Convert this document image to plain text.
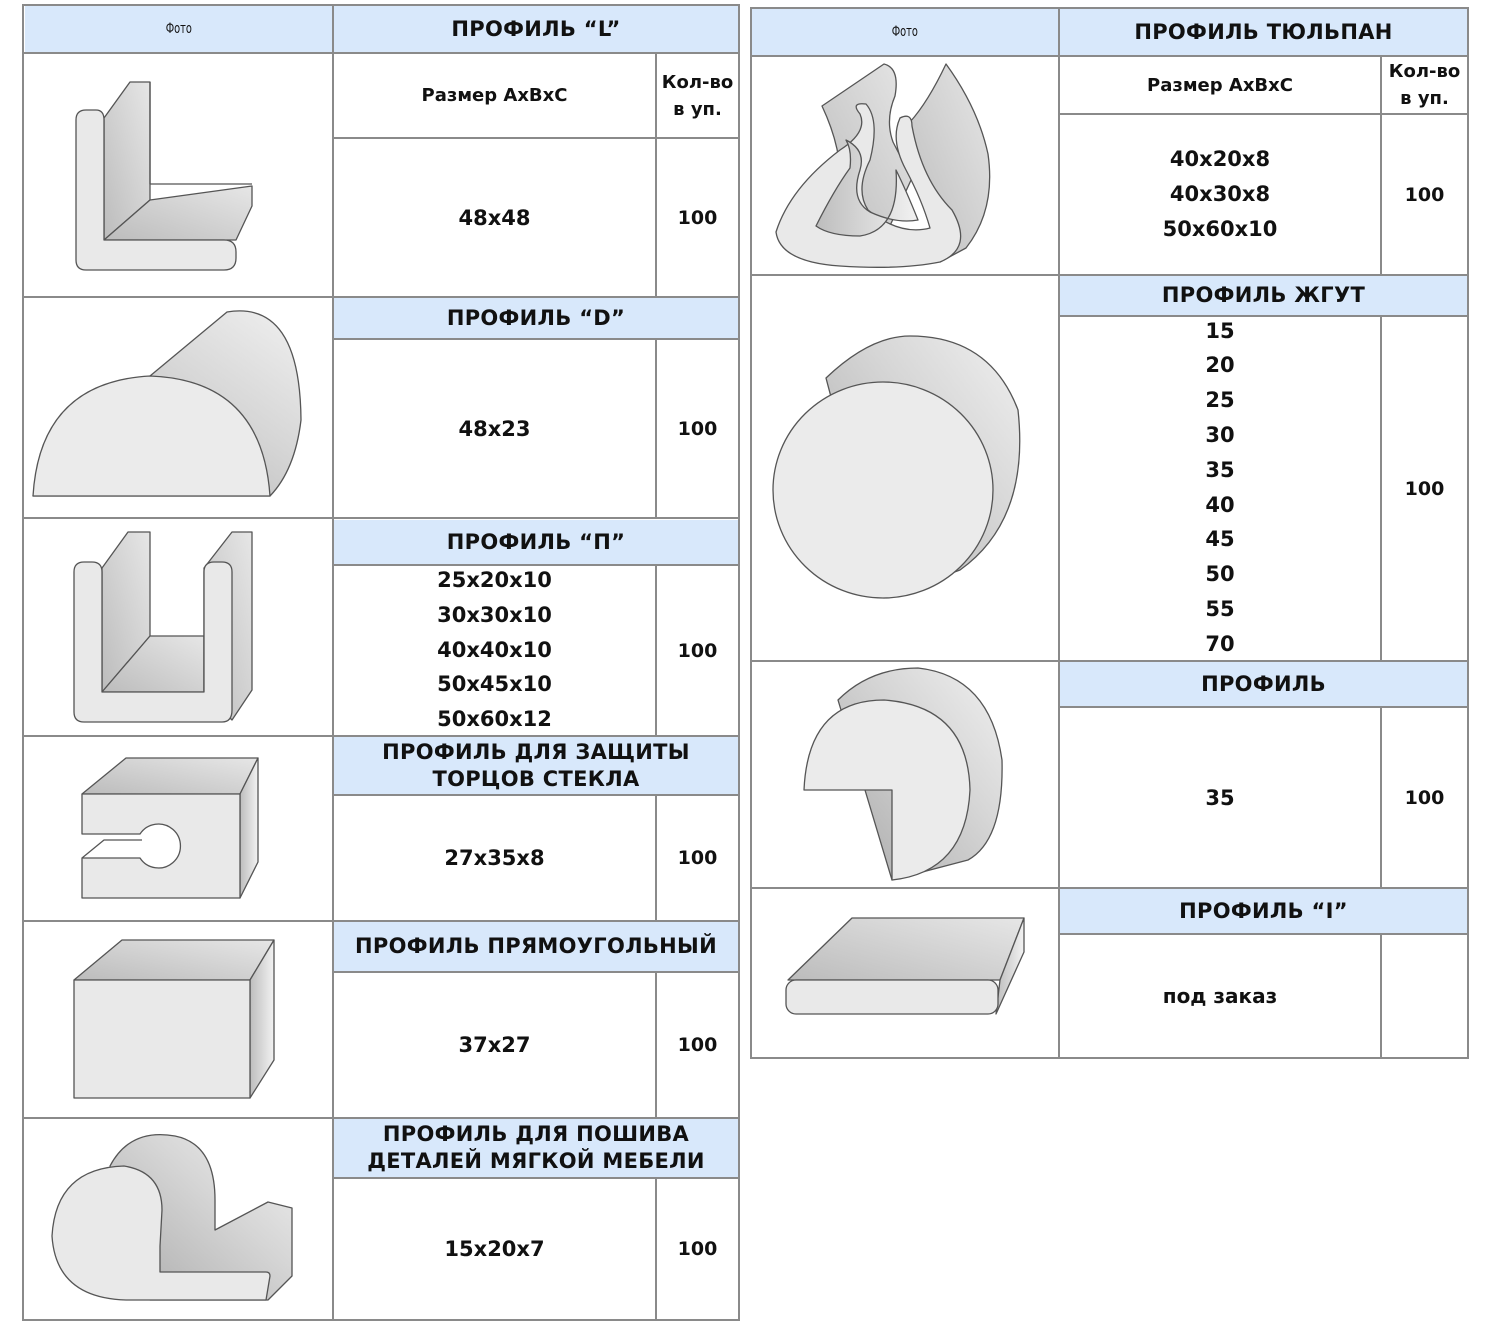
Фото	ПРОФИЛЬ “L”
Размер АхВхС
Кол-во в уп.
48х48	100
ПРОФИЛЬ “D”
48х23	100
ПРОФИЛЬ “П”
25х20х10
30х30х10
40х40х10
50х45х10
50х60х12
100
ПРОФИЛЬ ДЛЯ ЗАЩИТЫ ТОРЦОВ СТЕКЛА
27х35х8	100
ПРОФИЛЬ ПРЯМОУГОЛЬНЫЙ
37х27	100
ПРОФИЛЬ ДЛЯ ПОШИВА ДЕТАЛЕЙ МЯГКОЙ МЕБЕЛИ
15х20х7	100
Фото	ПРОФИЛЬ ТЮЛЬПАН
Размер АхВхС
Кол-во в уп.
40х20х8
40х30х8
50х60х10
100
ПРОФИЛЬ ЖГУТ
15
20
25
30
35
40
45
50
55
70
100
ПРОФИЛЬ
35	100
ПРОФИЛЬ “I”
под заказ
